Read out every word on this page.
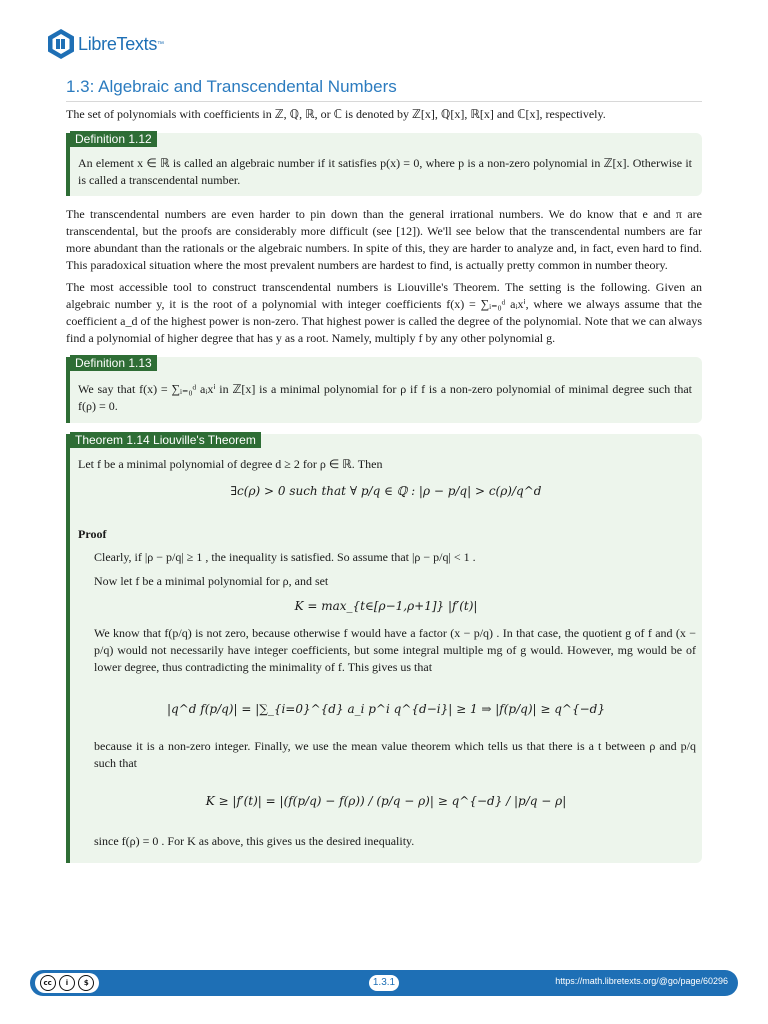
LibreTexts ™
1.3: Algebraic and Transcendental Numbers
The set of polynomials with coefficients in ℤ, ℚ, ℝ, or ℂ is denoted by ℤ[x], ℚ[x], ℝ[x] and ℂ[x], respectively.
Definition 1.12
An element x ∈ ℝ is called an algebraic number if it satisfies p(x) = 0, where p is a non-zero polynomial in ℤ[x]. Otherwise it is called a transcendental number.
The transcendental numbers are even harder to pin down than the general irrational numbers. We do know that e and π are transcendental, but the proofs are considerably more difficult (see [12]). We'll see below that the transcendental numbers are far more abundant than the rationals or the algebraic numbers. In spite of this, they are harder to analyze and, in fact, even hard to find. This paradoxical situation where the most prevalent numbers are hardest to find, is actually pretty common in number theory.
The most accessible tool to construct transcendental numbers is Liouville's Theorem. The setting is the following. Given an algebraic number y, it is the root of a polynomial with integer coefficients f(x) = ∑ᵢ₌₀ᵈ aᵢxⁱ, where we always assume that the coefficient a_d of the highest power is non-zero. That highest power is called the degree of the polynomial. Note that we can always find a polynomial of higher degree that has y as a root. Namely, multiply f by any other polynomial g.
Definition 1.13
We say that f(x) = ∑ᵢ₌₀ᵈ aᵢxⁱ in ℤ[x] is a minimal polynomial for ρ if f is a non-zero polynomial of minimal degree such that f(ρ) = 0.
Theorem 1.14 Liouville's Theorem
Let f be a minimal polynomial of degree d ≥ 2 for ρ ∈ ℝ. Then
∃c(ρ) > 0 such that ∀ p/q ∈ ℚ : |ρ − p/q| > c(ρ)/q^d
Proof
Clearly, if |ρ − p/q| ≥ 1 , the inequality is satisfied. So assume that |ρ − p/q| < 1 .
Now let f be a minimal polynomial for ρ, and set
K = max_{t∈[ρ−1,ρ+1]} |f′(t)|
We know that f(p/q) is not zero, because otherwise f would have a factor (x − p/q) . In that case, the quotient g of f and (x − p/q) would not necessarily have integer coefficients, but some integral multiple mg of g would. However, mg would be of lower degree, thus contradicting the minimality of f. This gives us that
|q^d f(p/q)| = |∑_{i=0}^{d} a_i p^i q^{d−i}| ≥ 1 ⇒ |f(p/q)| ≥ q^{−d}
because it is a non-zero integer. Finally, we use the mean value theorem which tells us that there is a t between ρ and p/q such that
K ≥ |f′(t)| = |(f(p/q) − f(ρ)) / (p/q − ρ)| ≥ q^{−d} / |p/q − ρ|
since f(ρ) = 0 . For K as above, this gives us the desired inequality.
cc	i	$	1.3.1	https://math.libretexts.org/@go/page/60296
